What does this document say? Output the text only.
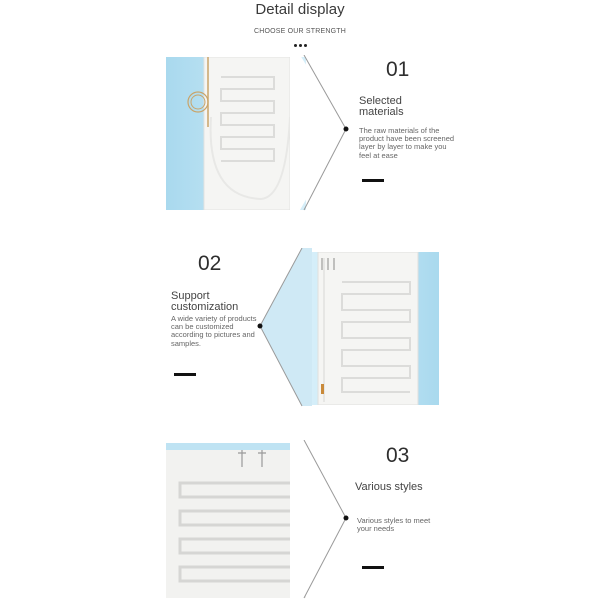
Detail display
CHOOSE OUR STRENGTH
01
Selected materials
The raw materials of the product have been screened layer by layer to make you feel at ease
02
Support customization
A wide variety of products can be customized according to pictures and samples.
03
Various styles
Various styles to meet your needs
